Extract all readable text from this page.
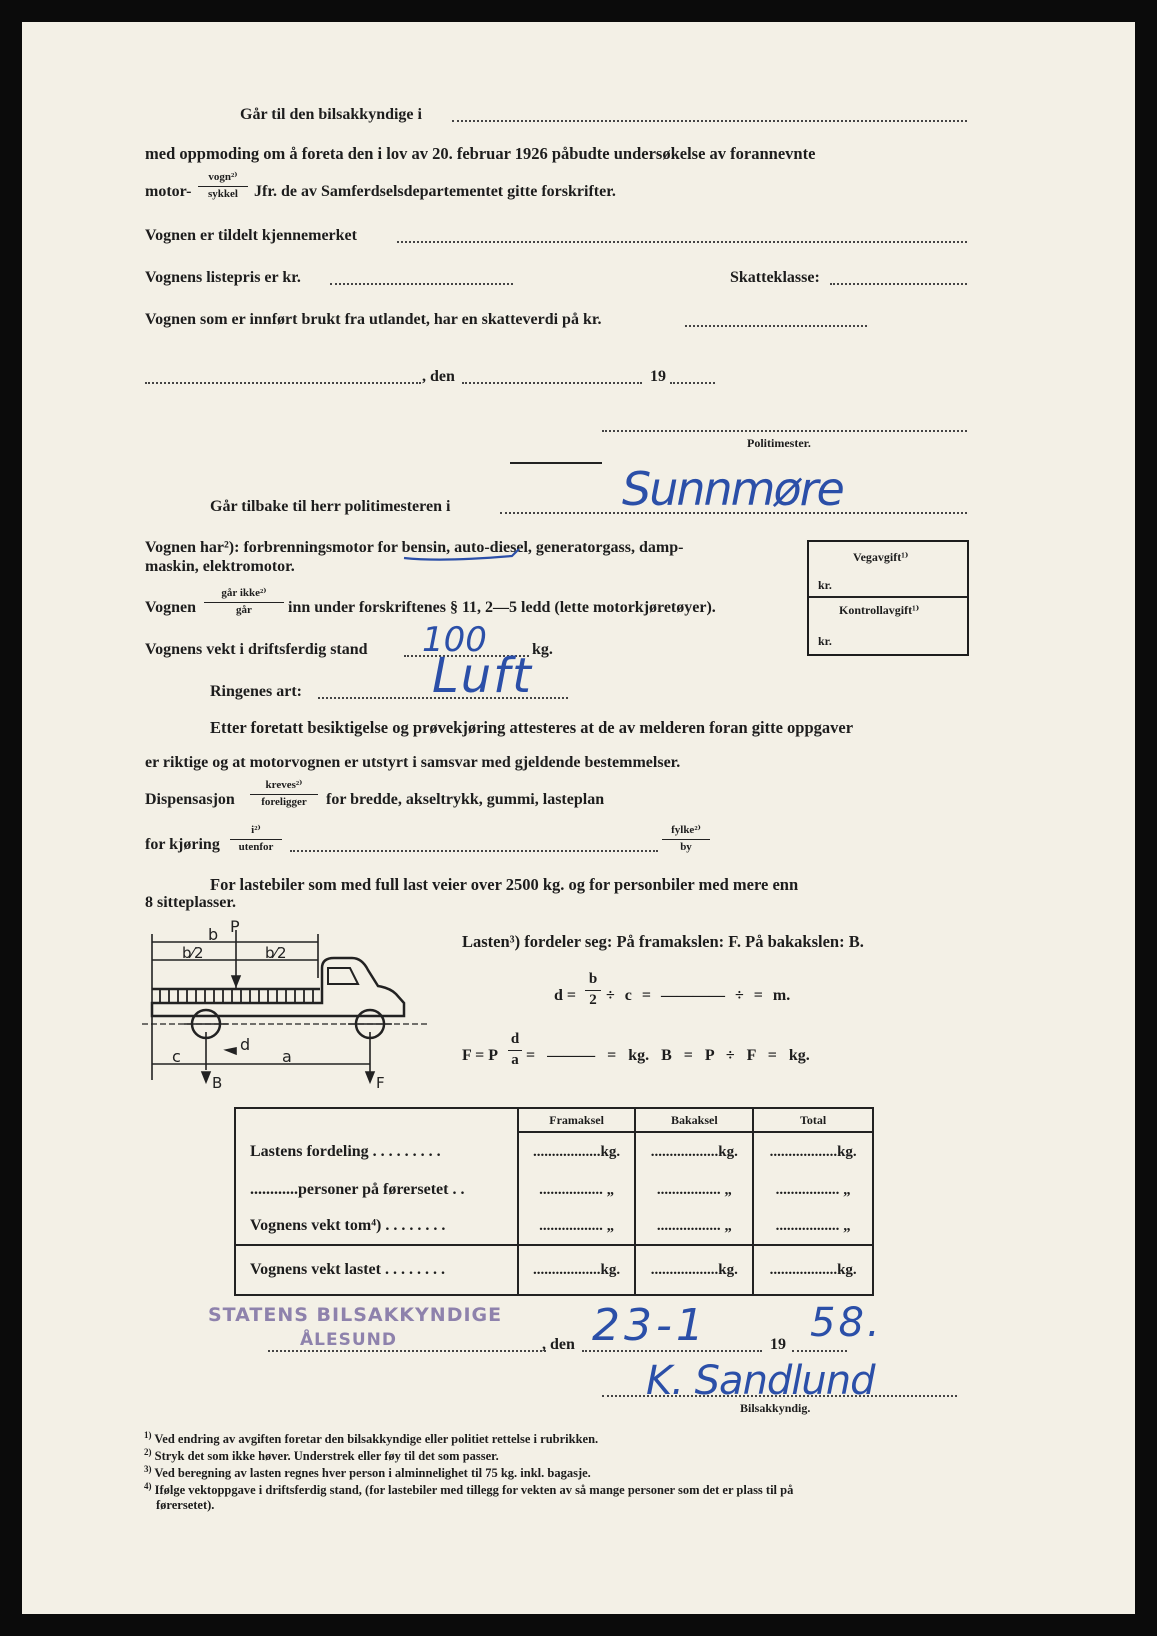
Går til den bilsakkyndige i
med oppmoding om å foreta den i lov av 20. februar 1926 påbudte undersøkelse av forannevnte
motor-
vogn²⁾
sykkel	Jfr. de av Samferdselsdepartementet gitte forskrifter.
Vognen er tildelt kjennemerket
Vognens listepris er kr.	Skatteklasse:
Vognen som er innført brukt fra utlandet, har en skatteverdi på kr.
, den	19
Politimester.
Går tilbake til herr politimesteren i	Sunnmøre
Vognen har²): forbrenningsmotor for bensin, auto-diesel, generatorgass, damp-
maskin, elektromotor.
Vognen
går ikke²⁾
går	inn under forskriftenes § 11, 2—5 ledd (lette motorkjøretøyer).
Vognens vekt i driftsferdig stand 100	kg.
Ringenes art:	Luft
Vegavgift¹⁾
kr.
Kontrollavgift¹⁾
kr.
Etter foretatt besiktigelse og prøvekjøring attesteres at de av melderen foran gitte oppgaver
er riktige og at motorvognen er utstyrt i samsvar med gjeldende bestemmelser.
Dispensasjon
kreves²⁾
foreligger	for bredde, akseltrykk, gummi, lasteplan
for kjøring
i²⁾
utenfor
fylke²⁾
by
For lastebiler som med full last veier over 2500 kg. og for personbiler med mere enn
8 sitteplasser.
P
b
b⁄2	b⁄2
c
d
a
B	F
Lasten³) fordeler seg: På framakslen: F. På bakakslen: B.
$d = \frac{b}{2} \div c$ = ———— ÷ = m.
F = P $\frac{d}{a}$ = ——— = kg. B = P ÷ F = kg.
	Framaksel	Bakaksel	Total
Lastens fordeling . . . . . . . . .	..................kg.	..................kg.	..................kg.
............personer på førersetet . .	................. „	................. „	................. „
Vognens vekt tom⁴) . . . . . . . .	................. „	................. „	................. „
Vognens vekt lastet . . . . . . . .	..................kg.	..................kg.	..................kg.
STATENS BILSAKKYNDIGE
ÅLESUND	, den 23-1	19 58.
K. Sandlund
Bilsakkyndig.
$^{1)}$ Ved endring av avgiften foretar den bilsakkyndige eller politiet rettelse i rubrikken.
$^{2)}$ Stryk det som ikke høver. Understrek eller føy til det som passer.
$^{3)}$ Ved beregning av lasten regnes hver person i alminnelighet til 75 kg. inkl. bagasje.
$^{4)}$ Ifølge vektoppgave i driftsferdig stand, (for lastebiler med tillegg for vekten av så mange personer som det er plass til på
førersetet).
